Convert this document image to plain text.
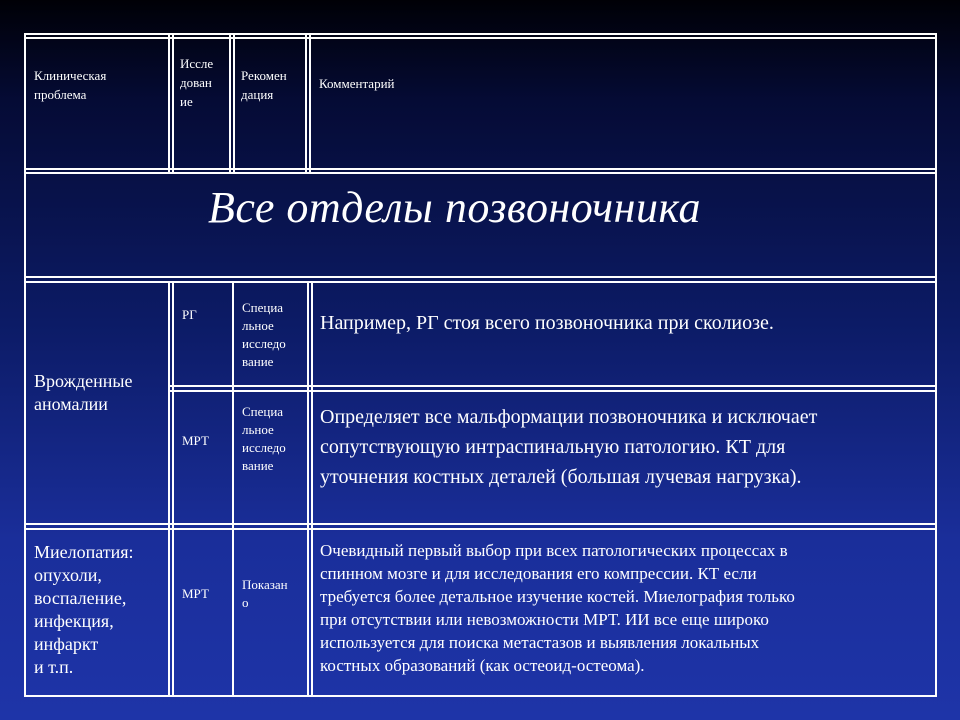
Клиническая
проблема
Иссле
дован
ие
Рекомен
дация
Комментарий
Все отделы позвоночника
Врожденные
аномалии
РГ	Специа
льное
исследо
вание
Например, РГ стоя всего позвоночника при сколиозе.
МРТ
Специа
льное
исследо
вание
Определяет все мальформации позвоночника и исключает
сопутствующую интраспинальную патологию. КТ для
уточнения костных деталей (большая лучевая нагрузка).
Миелопатия:
опухоли,
воспаление,
инфекция,
инфаркт
и т.п.
МРТ
Показан
о
Очевидный первый выбор при всех патологических процессах в
спинном мозге и для исследования его компрессии. КТ если
требуется более детальное изучение костей. Миелография только
при отсутствии или невозможности МРТ. ИИ все еще широко
используется для поиска метастазов и выявления локальных
костных образований (как остеоид-остеома).
